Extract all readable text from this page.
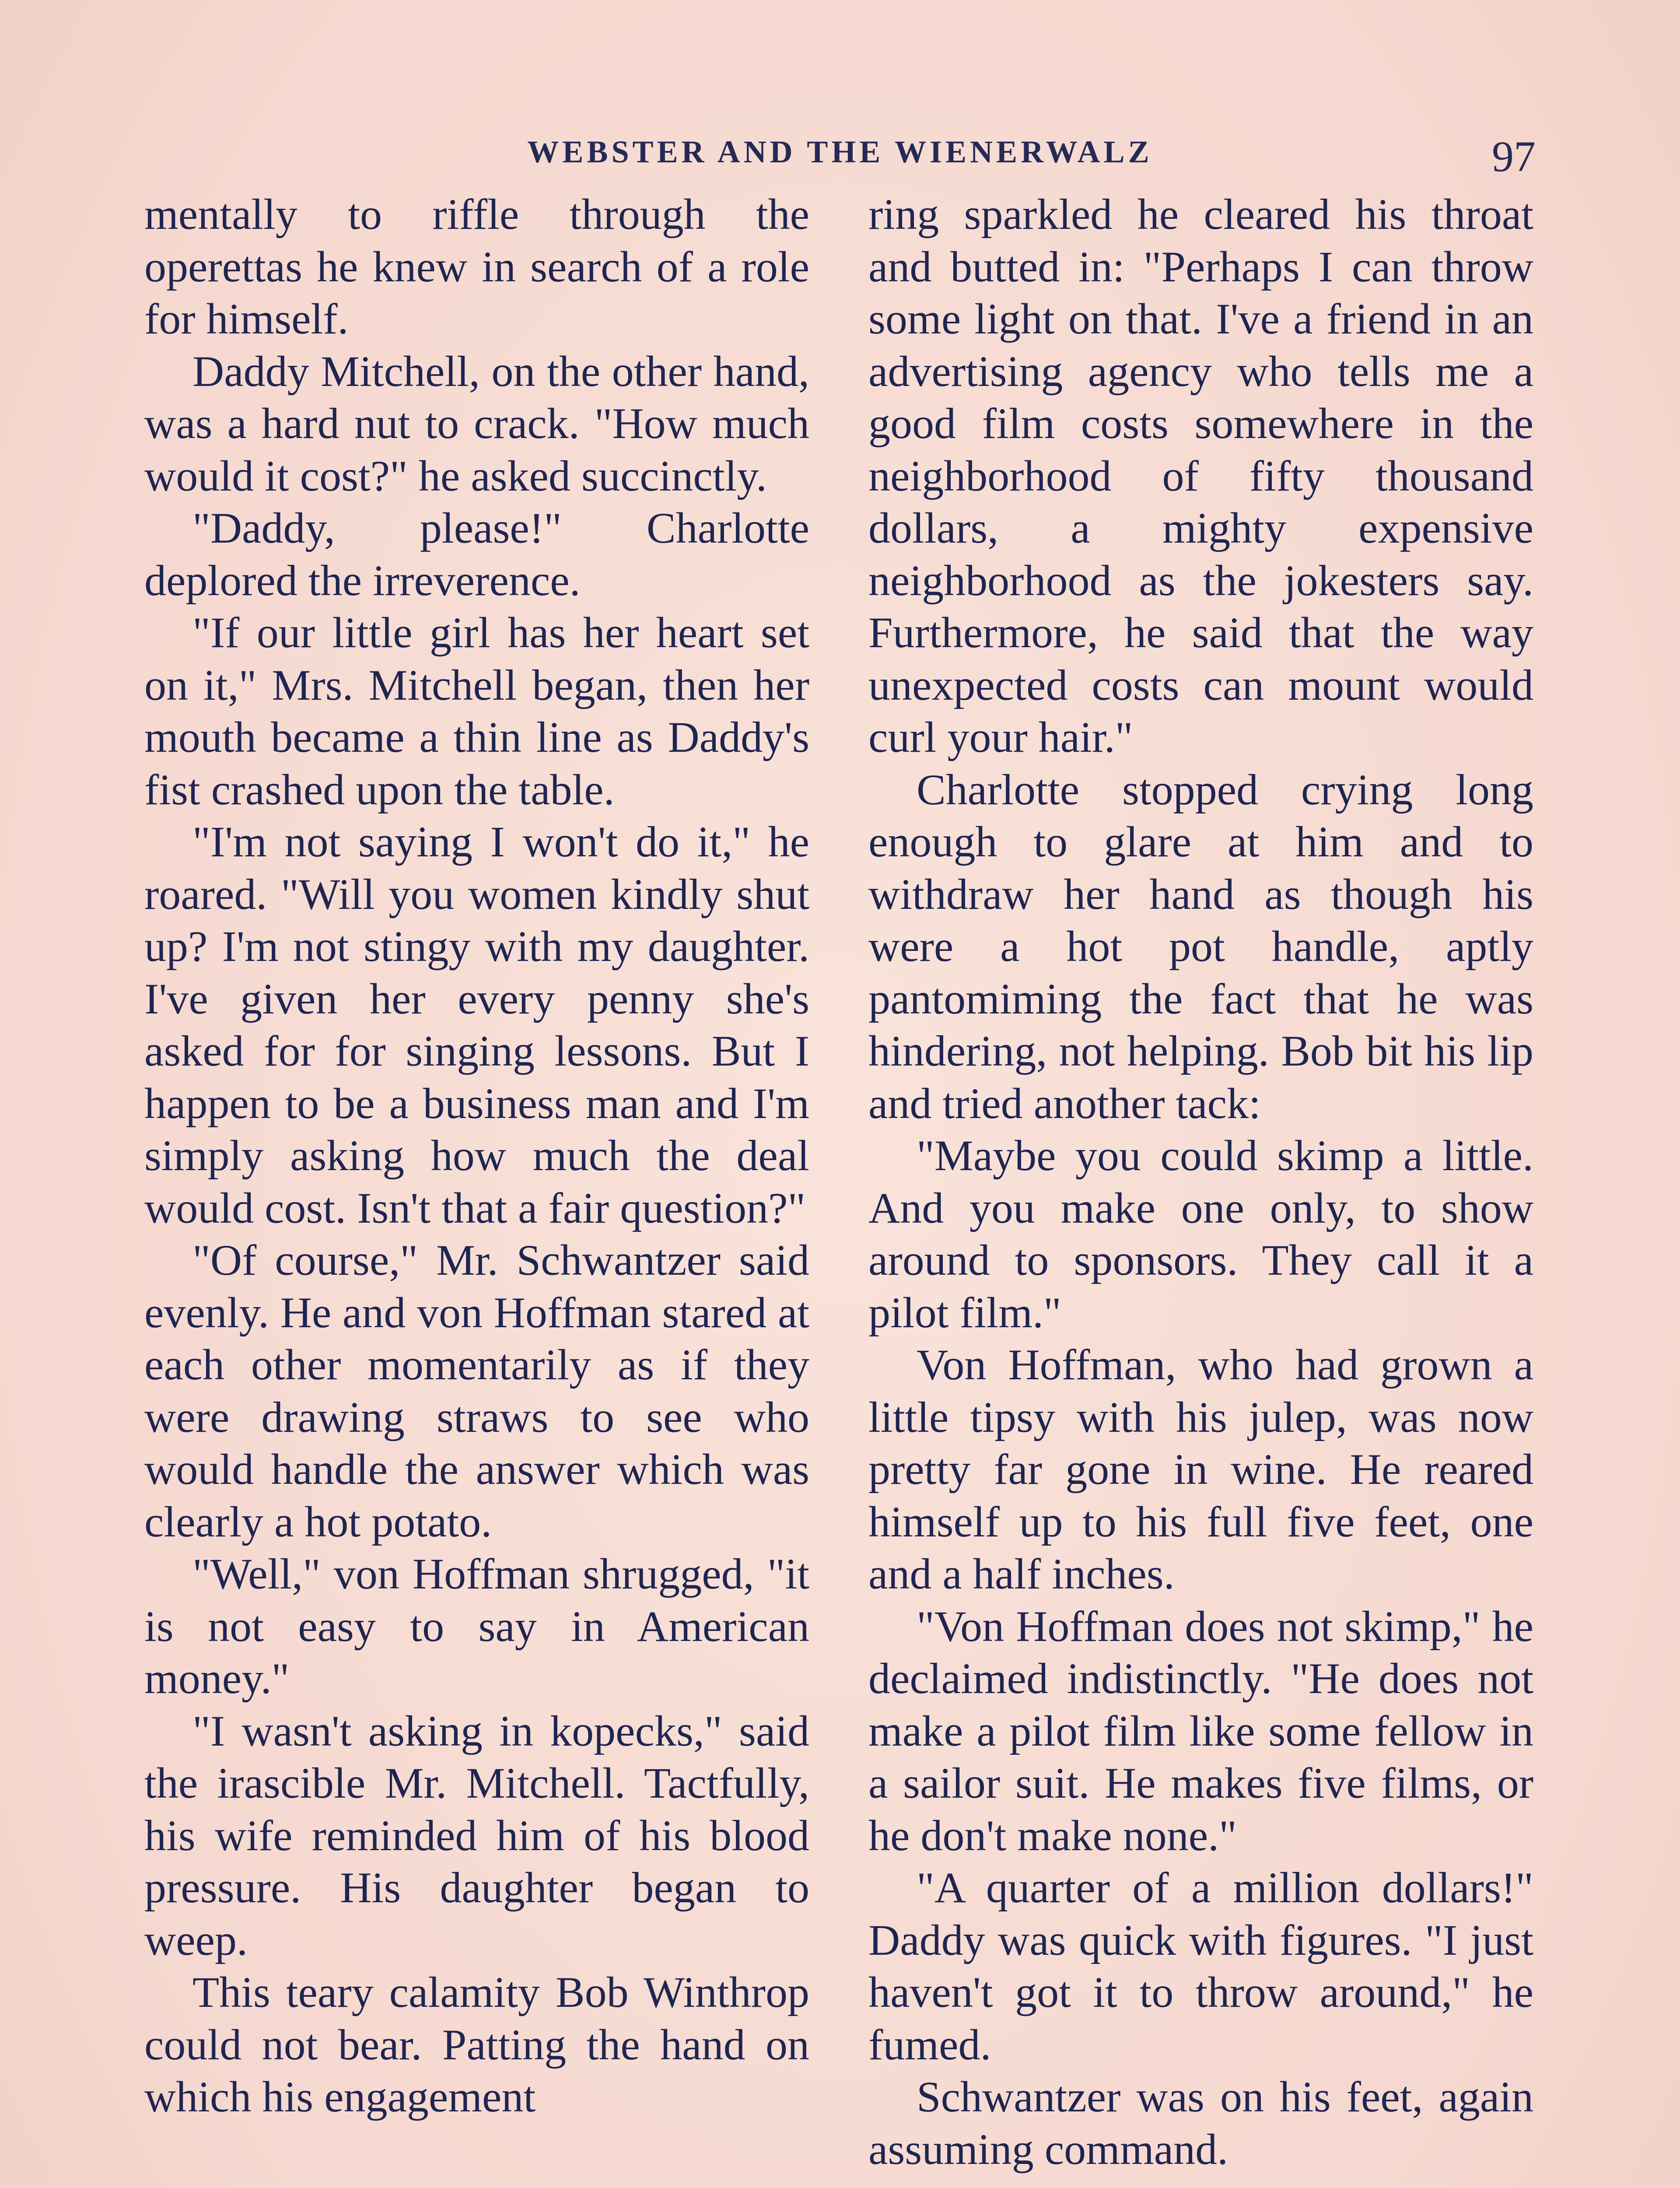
WEBSTER AND THE WIENERWALZ	97

mentally to riffle through the operettas he knew in search of a role for himself.

Daddy Mitchell, on the other hand, was a hard nut to crack. "How much would it cost?" he asked succinctly.

"Daddy, please!" Charlotte deplored the irreverence.

"If our little girl has her heart set on it," Mrs. Mitchell began, then her mouth became a thin line as Daddy's fist crashed upon the table.

"I'm not saying I won't do it," he roared. "Will you women kindly shut up? I'm not stingy with my daughter. I've given her every penny she's asked for for singing lessons. But I happen to be a business man and I'm simply asking how much the deal would cost. Isn't that a fair question?"

"Of course," Mr. Schwantzer said evenly. He and von Hoffman stared at each other momentarily as if they were drawing straws to see who would handle the answer which was clearly a hot potato.

"Well," von Hoffman shrugged, "it is not easy to say in American money."

"I wasn't asking in kopecks," said the irascible Mr. Mitchell. Tactfully, his wife reminded him of his blood pressure. His daughter began to weep.

This teary calamity Bob Winthrop could not bear. Patting the hand on which his engagement

ring sparkled he cleared his throat and butted in: "Perhaps I can throw some light on that. I've a friend in an advertising agency who tells me a good film costs somewhere in the neighborhood of fifty thousand dollars, a mighty expensive neighborhood as the jokesters say. Furthermore, he said that the way unexpected costs can mount would curl your hair."

Charlotte stopped crying long enough to glare at him and to withdraw her hand as though his were a hot pot handle, aptly pantomiming the fact that he was hindering, not helping. Bob bit his lip and tried another tack:

"Maybe you could skimp a little. And you make one only, to show around to sponsors. They call it a pilot film."

Von Hoffman, who had grown a little tipsy with his julep, was now pretty far gone in wine. He reared himself up to his full five feet, one and a half inches.

"Von Hoffman does not skimp," he declaimed indistinctly. "He does not make a pilot film like some fellow in a sailor suit. He makes five films, or he don't make none."

"A quarter of a million dollars!" Daddy was quick with figures. "I just haven't got it to throw around," he fumed.

Schwantzer was on his feet, again assuming command.
